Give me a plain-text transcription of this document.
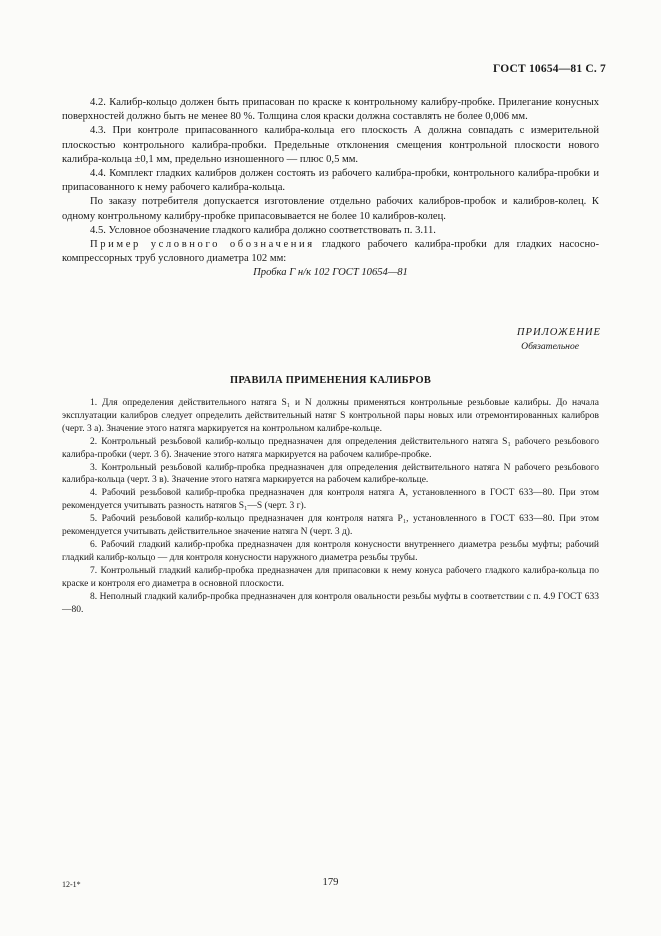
ГОСТ 10654—81 С. 7

4.2. Калибр-кольцо должен быть припасован по краске к контрольному калибру-пробке. Прилегание конусных поверхностей должно быть не менее 80 %. Толщина слоя краски должна составлять не более 0,006 мм.

4.3. При контроле припасованного калибра-кольца его плоскость А должна совпадать с измерительной плоскостью контрольного калибра-пробки. Предельные отклонения смещения контрольной плоскости нового калибра-кольца ±0,1 мм, предельно изношенного — плюс 0,5 мм.

4.4. Комплект гладких калибров должен состоять из рабочего калибра-пробки, контрольного калибра-пробки и припасованного к нему рабочего калибра-кольца.

По заказу потребителя допускается изготовление отдельно рабочих калибров-пробок и калибров-колец. К одному контрольному калибру-пробке припасовывается не более 10 калибров-колец.

4.5. Условное обозначение гладкого калибра должно соответствовать п. 3.11.

Пример условного обозначения гладкого рабочего калибра-пробки для гладких насосно-компрессорных труб условного диаметра 102 мм:

Пробка Г н/к 102 ГОСТ 10654—81

ПРИЛОЖЕНИЕ
Обязательное
ПРАВИЛА ПРИМЕНЕНИЯ КАЛИБРОВ

1. Для определения действительного натяга S₁ и N должны применяться контрольные резьбовые калибры. До начала эксплуатации калибров следует определить действительный натяг S контрольной пары новых или отремонтированных калибров (черт. 3 а). Значение этого натяга маркируется на контрольном калибре-кольце.

2. Контрольный резьбовой калибр-кольцо предназначен для определения действительного натяга S₁ рабочего резьбового калибра-пробки (черт. 3 б). Значение этого натяга маркируется на рабочем калибре-пробке.

3. Контрольный резьбовой калибр-пробка предназначен для определения действительного натяга N рабочего резьбового калибра-кольца (черт. 3 в). Значение этого натяга маркируется на рабочем калибре-кольце.

4. Рабочий резьбовой калибр-пробка предназначен для контроля натяга A, установленного в ГОСТ 633—80. При этом рекомендуется учитывать разность натягов S₁—S (черт. 3 г).

5. Рабочий резьбовой калибр-кольцо предназначен для контроля натяга P₁, установленного в ГОСТ 633—80. При этом рекомендуется учитывать действительное значение натяга N (черт. 3 д).

6. Рабочий гладкий калибр-пробка предназначен для контроля конусности внутреннего диаметра резьбы муфты; рабочий гладкий калибр-кольцо — для контроля конусности наружного диаметра резьбы трубы.

7. Контрольный гладкий калибр-пробка предназначен для припасовки к нему конуса рабочего гладкого калибра-кольца по краске и контроля его диаметра в основной плоскости.

8. Неполный гладкий калибр-пробка предназначен для контроля овальности резьбы муфты в соответствии с п. 4.9 ГОСТ 633—80.

12-1*	179
